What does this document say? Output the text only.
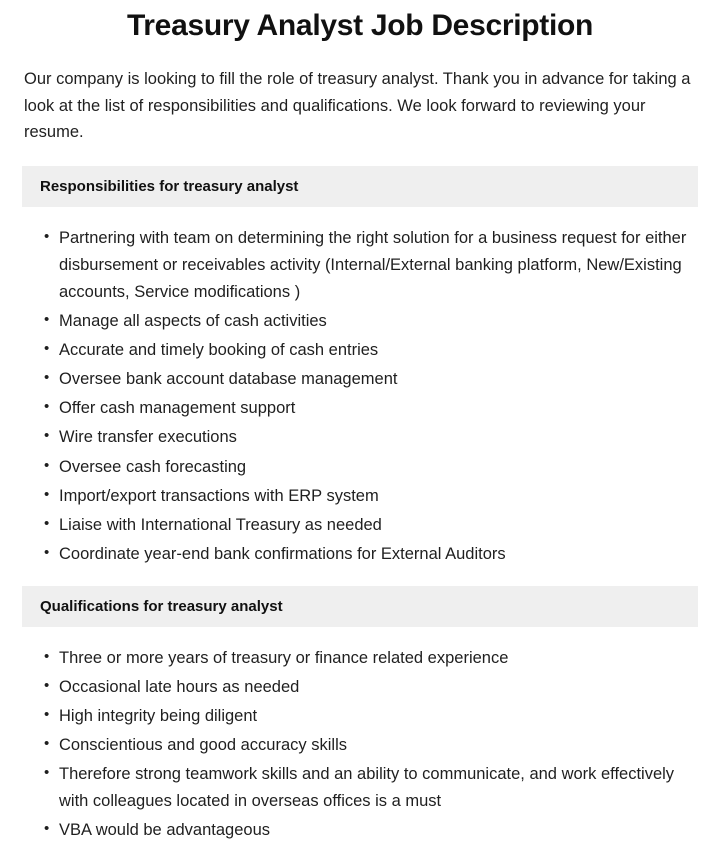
Treasury Analyst Job Description

Our company is looking to fill the role of treasury analyst. Thank you in advance for taking a look at the list of responsibilities and qualifications. We look forward to reviewing your resume.

Responsibilities for treasury analyst
• Partnering with team on determining the right solution for a business request for either disbursement or receivables activity (Internal/External banking platform, New/Existing accounts, Service modifications )
• Manage all aspects of cash activities
• Accurate and timely booking of cash entries
• Oversee bank account database management
• Offer cash management support
• Wire transfer executions
• Oversee cash forecasting
• Import/export transactions with ERP system
• Liaise with International Treasury as needed
• Coordinate year-end bank confirmations for External Auditors
Qualifications for treasury analyst
• Three or more years of treasury or finance related experience
• Occasional late hours as needed
• High integrity being diligent
• Conscientious and good accuracy skills
• Therefore strong teamwork skills and an ability to communicate, and work effectively with colleagues located in overseas offices is a must
• VBA would be advantageous
